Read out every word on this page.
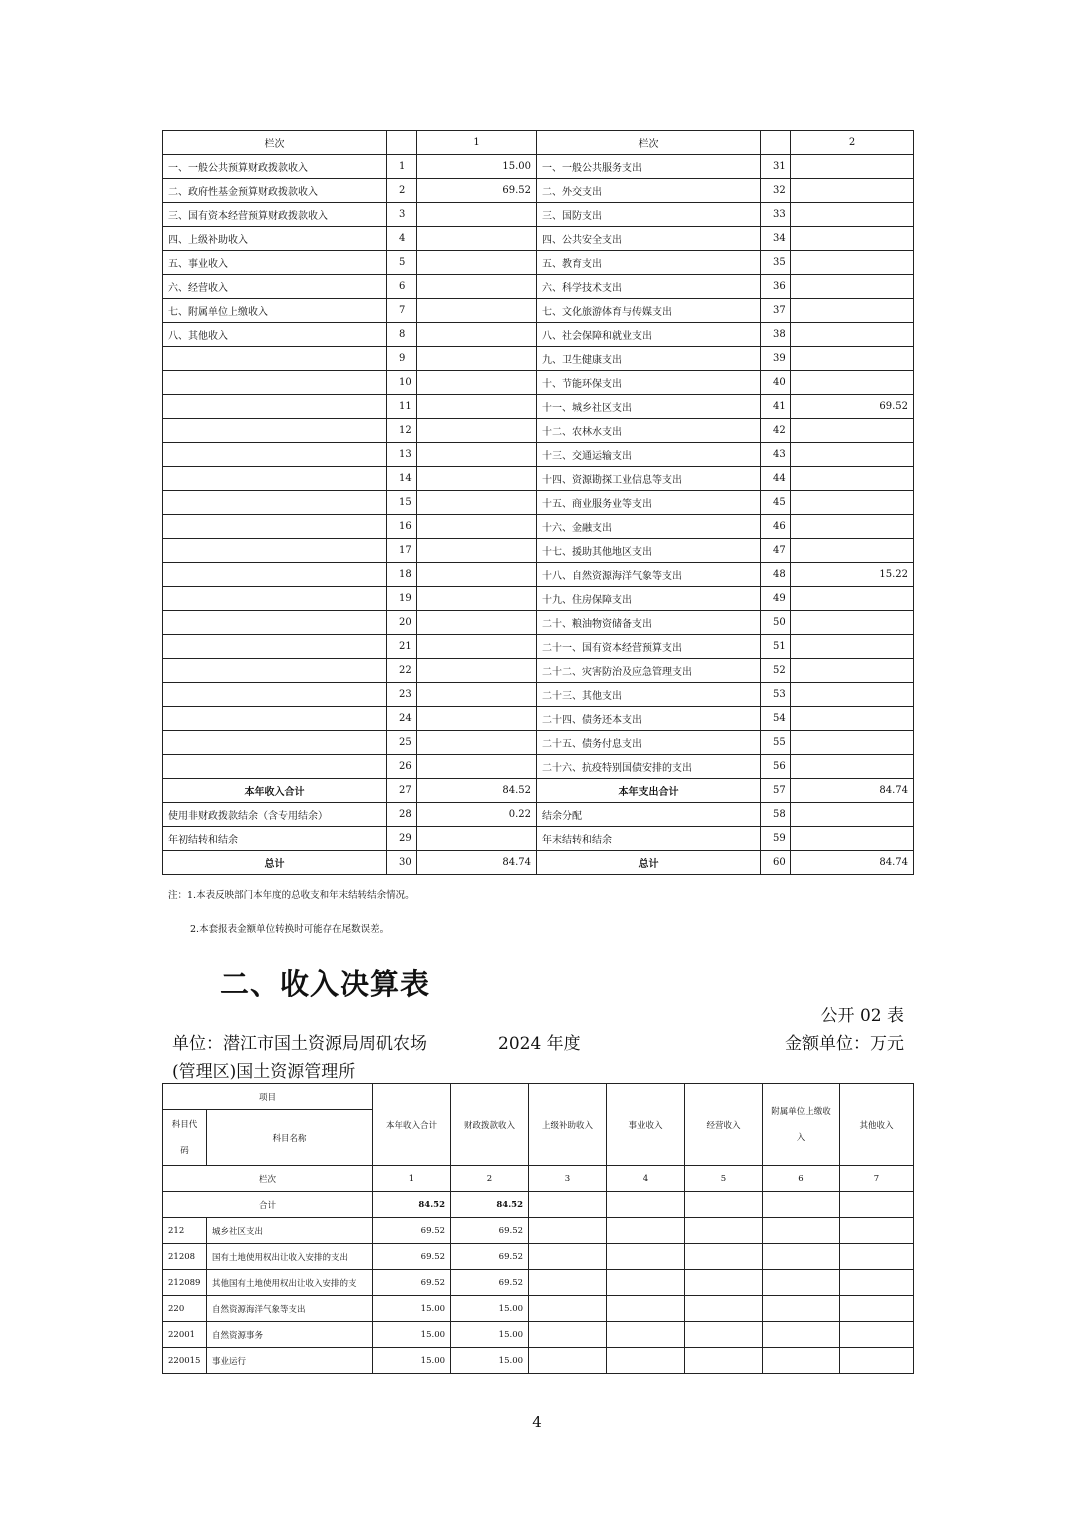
栏次		1	栏次		2
一、一般公共预算财政拨款收入	1	15.00	一、一般公共服务支出	31	
二、政府性基金预算财政拨款收入	2	69.52	二、外交支出	32	
三、国有资本经营预算财政拨款收入	3		三、国防支出	33	
四、上级补助收入	4		四、公共安全支出	34	
五、事业收入	5		五、教育支出	35	
六、经营收入	6		六、科学技术支出	36	
七、附属单位上缴收入	7		七、文化旅游体育与传媒支出	37	
八、其他收入	8		八、社会保障和就业支出	38	
	9		九、卫生健康支出	39	
	10		十、节能环保支出	40	
	11		十一、城乡社区支出	41	69.52
	12		十二、农林水支出	42	
	13		十三、交通运输支出	43	
	14		十四、资源勘探工业信息等支出	44	
	15		十五、商业服务业等支出	45	
	16		十六、金融支出	46	
	17		十七、援助其他地区支出	47	
	18		十八、自然资源海洋气象等支出	48	15.22
	19		十九、住房保障支出	49	
	20		二十、粮油物资储备支出	50	
	21		二十一、国有资本经营预算支出	51	
	22		二十二、灾害防治及应急管理支出	52	
	23		二十三、其他支出	53	
	24		二十四、债务还本支出	54	
	25		二十五、债务付息支出	55	
	26		二十六、抗疫特别国债安排的支出	56	
本年收入合计	27	84.52	本年支出合计	57	84.74
使用非财政拨款结余（含专用结余）	28	0.22	结余分配	58	
年初结转和结余	29		年末结转和结余	59	
总计	30	84.74	总计	60	84.74
注：1.本表反映部门本年度的总收支和年末结转结余情况。
2.本套报表金额单位转换时可能存在尾数误差。
二、收入决算表
公开 02 表
单位：潜江市国土资源局周矶农场	2024 年度	金额单位：万元
(管理区)国土资源管理所
项目		本年收入合计	财政拨款收入	上级补助收入	事业收入	经营收入	附属单位上缴收入	其他收入
科目代码	科目名称							
栏次		1	2	3	4	5	6	7
合计		84.52	84.52					
212	城乡社区支出	69.52	69.52					
21208	国有土地使用权出让收入安排的支出	69.52	69.52					
212089	其他国有土地使用权出让收入安排的支	69.52	69.52					
220	自然资源海洋气象等支出	15.00	15.00					
22001	自然资源事务	15.00	15.00					
220015	事业运行	15.00	15.00					
4
